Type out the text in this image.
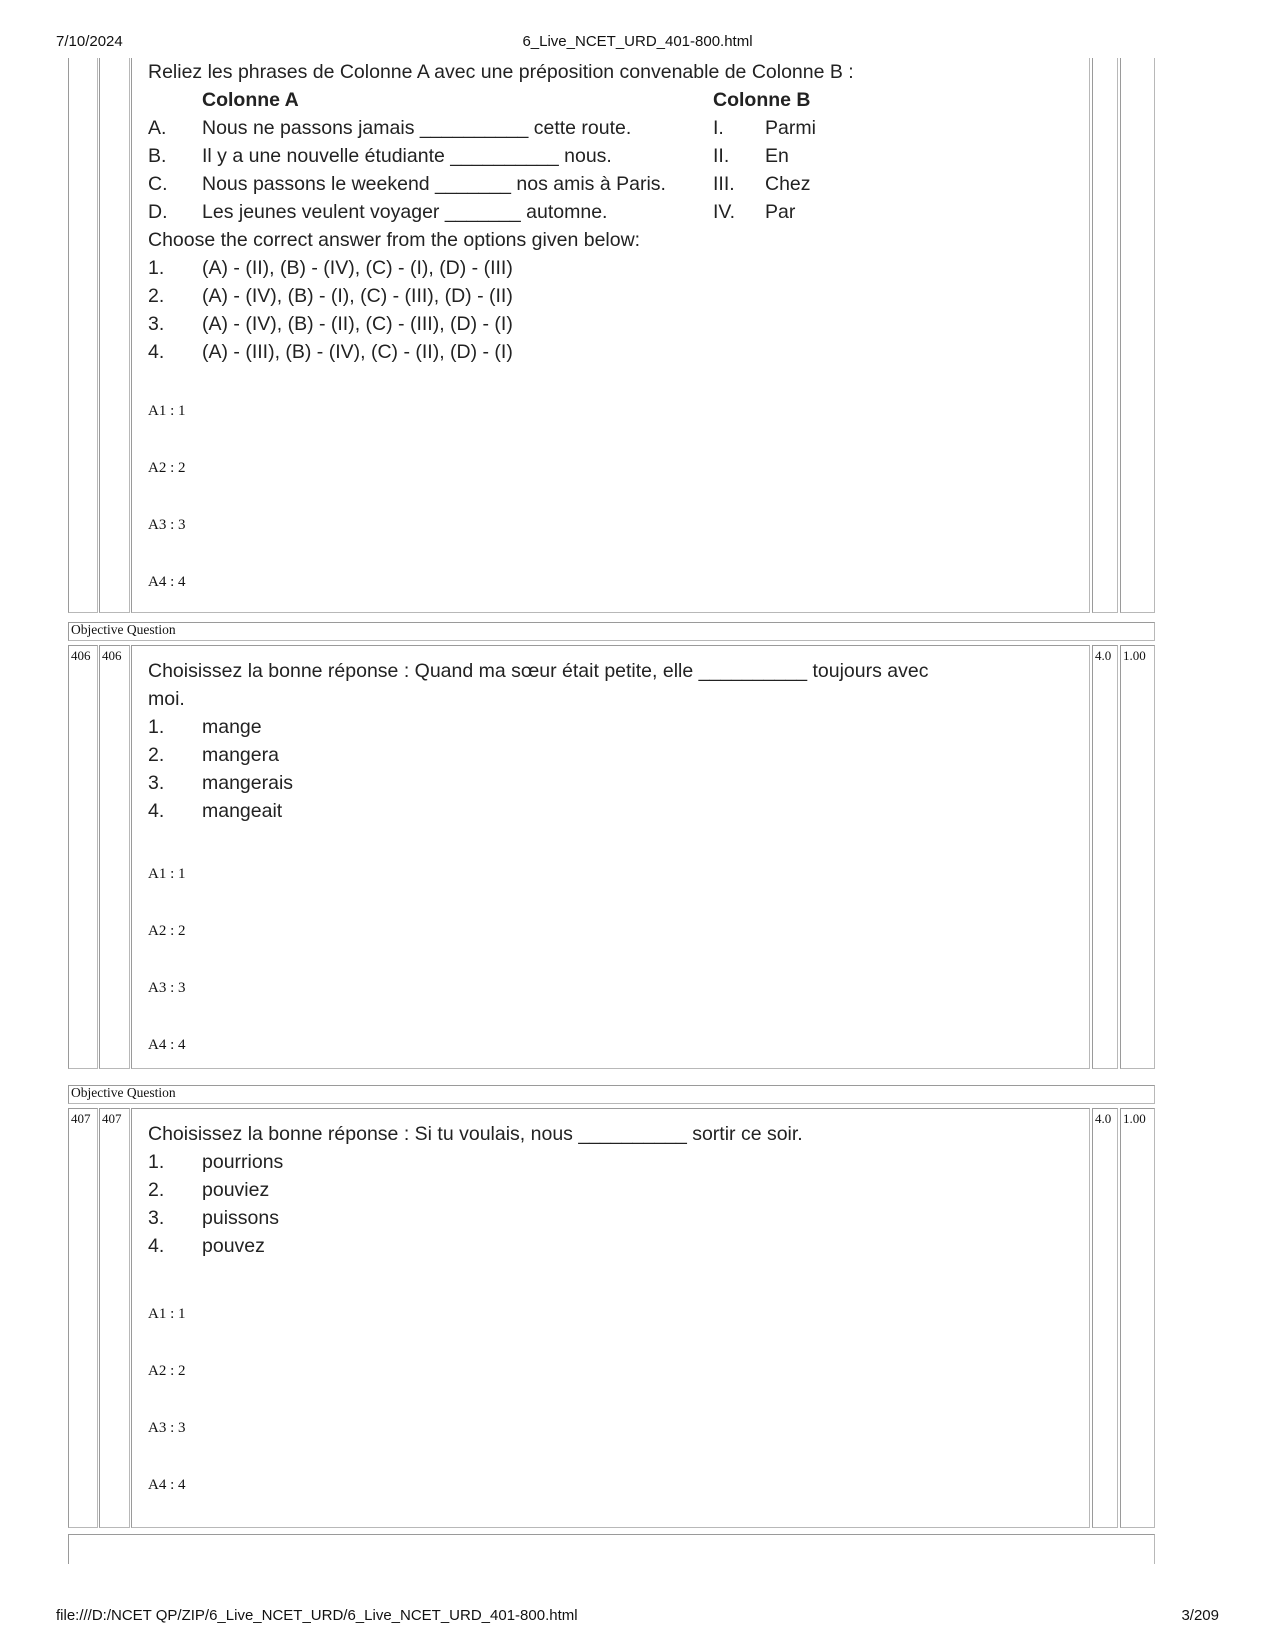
7/10/2024	6_Live_NCET_URD_401-800.html
file:///D:/NCET QP/ZIP/6_Live_NCET_URD/6_Live_NCET_URD_401-800.html	3/209
Reliez les phrases de Colonne A avec une préposition convenable de Colonne B :
Colonne A	Colonne B
A. Nous ne passons jamais __________ cette route.	I. Parmi
B. Il y a une nouvelle étudiante __________ nous.	II. En
C. Nous passons le weekend _______ nos amis à Paris. III. Chez
D. Les jeunes veulent voyager _______ automne.	IV. Par
Choose the correct answer from the options given below:
1. (A) - (II), (B) - (IV), (C) - (I), (D) - (III)
2. (A) - (IV), (B) - (I), (C) - (III), (D) - (II)
3. (A) - (IV), (B) - (II), (C) - (III), (D) - (I)
4. (A) - (III), (B) - (IV), (C) - (II), (D) - (I)
A1 : 1
A2 : 2
A3 : 3
A4 : 4
Objective Question
406 406	4.0 1.00
Choisissez la bonne réponse : Quand ma sœur était petite, elle __________ toujours avec
moi.
1. mange
2. mangera
3. mangerais
4. mangeait
A1 : 1
A2 : 2
A3 : 3
A4 : 4
Objective Question
407 407	4.0 1.00
Choisissez la bonne réponse : Si tu voulais, nous __________ sortir ce soir.
1. pourrions
2. pouviez
3. puissons
4. pouvez
A1 : 1
A2 : 2
A3 : 3
A4 : 4
